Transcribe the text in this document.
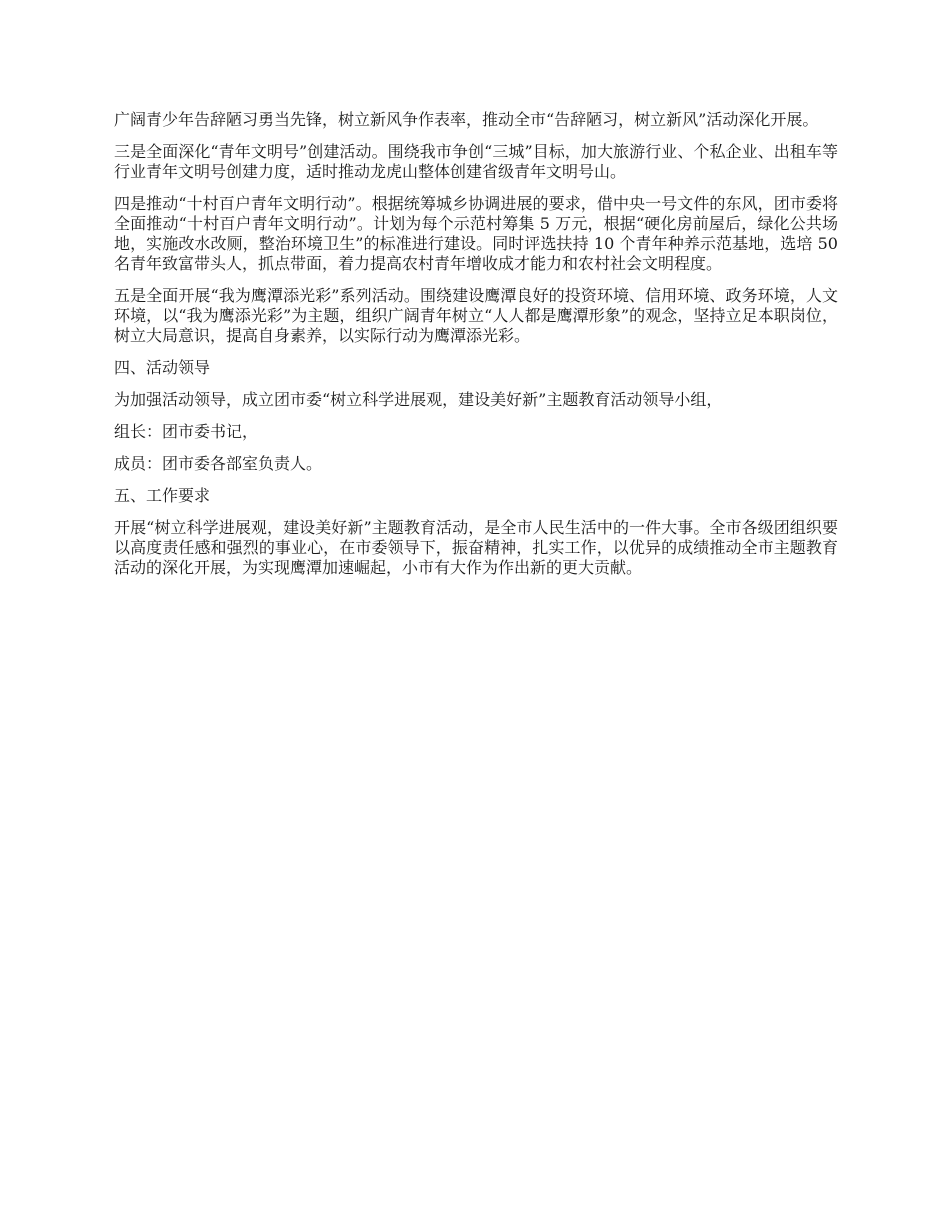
广阔青少年告辞陋习勇当先锋，树立新风争作表率，推动全市“告辞陋习，树立新风”活动深化开展。

三是全面深化“青年文明号”创建活动。围绕我市争创“三城”目标，加大旅游行业、个私企业、出租车等行业青年文明号创建力度，适时推动龙虎山整体创建省级青年文明号山。

四是推动“十村百户青年文明行动”。根据统筹城乡协调进展的要求，借中央一号文件的东风，团市委将全面推动“十村百户青年文明行动”。计划为每个示范村筹集 5 万元，根据“硬化房前屋后，绿化公共场地，实施改水改厕，整治环境卫生”的标准进行建设。同时评选扶持 10 个青年种养示范基地，选培 50 名青年致富带头人，抓点带面，着力提高农村青年增收成才能力和农村社会文明程度。

五是全面开展“我为鹰潭添光彩”系列活动。围绕建设鹰潭良好的投资环境、信用环境、政务环境，人文环境，以“我为鹰添光彩”为主题，组织广阔青年树立“人人都是鹰潭形象”的观念，坚持立足本职岗位，树立大局意识，提高自身素养，以实际行动为鹰潭添光彩。

四、活动领导

为加强活动领导，成立团市委“树立科学进展观，建设美好新”主题教育活动领导小组，

组长：团市委书记，

成员：团市委各部室负责人。

五、工作要求

开展“树立科学进展观，建设美好新”主题教育活动，是全市人民生活中的一件大事。全市各级团组织要以高度责任感和强烈的事业心，在市委领导下，振奋精神，扎实工作，以优异的成绩推动全市主题教育活动的深化开展，为实现鹰潭加速崛起，小市有大作为作出新的更大贡献。
